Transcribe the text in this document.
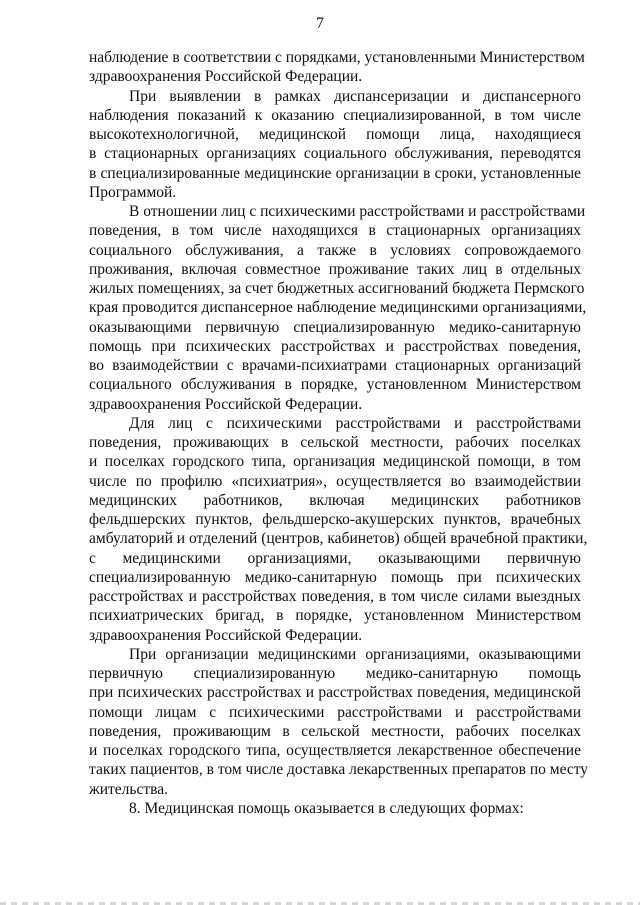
7
наблюдение в соответствии с порядками, установленными Министерством
здравоохранения Российской Федерации.
При выявлении в рамках диспансеризации и диспансерного
наблюдения показаний к оказанию специализированной, в том числе
высокотехнологичной, медицинской помощи лица, находящиеся
в стационарных организациях социального обслуживания, переводятся
в специализированные медицинские организации в сроки, установленные
Программой.
В отношении лиц с психическими расстройствами и расстройствами
поведения, в том числе находящихся в стационарных организациях
социального обслуживания, а также в условиях сопровождаемого
проживания, включая совместное проживание таких лиц в отдельных
жилых помещениях, за счет бюджетных ассигнований бюджета Пермского
края проводится диспансерное наблюдение медицинскими организациями,
оказывающими первичную специализированную медико-санитарную
помощь при психических расстройствах и расстройствах поведения,
во взаимодействии с врачами-психиатрами стационарных организаций
социального обслуживания в порядке, установленном Министерством
здравоохранения Российской Федерации.
Для лиц с психическими расстройствами и расстройствами
поведения, проживающих в сельской местности, рабочих поселках
и поселках городского типа, организация медицинской помощи, в том
числе по профилю «психиатрия», осуществляется во взаимодействии
медицинских работников, включая медицинских работников
фельдшерских пунктов, фельдшерско-акушерских пунктов, врачебных
амбулаторий и отделений (центров, кабинетов) общей врачебной практики,
с медицинскими организациями, оказывающими первичную
специализированную медико-санитарную помощь при психических
расстройствах и расстройствах поведения, в том числе силами выездных
психиатрических бригад, в порядке, установленном Министерством
здравоохранения Российской Федерации.
При организации медицинскими организациями, оказывающими
первичную специализированную медико-санитарную помощь
при психических расстройствах и расстройствах поведения, медицинской
помощи лицам с психическими расстройствами и расстройствами
поведения, проживающим в сельской местности, рабочих поселках
и поселках городского типа, осуществляется лекарственное обеспечение
таких пациентов, в том числе доставка лекарственных препаратов по месту
жительства.
8. Медицинская помощь оказывается в следующих формах:
